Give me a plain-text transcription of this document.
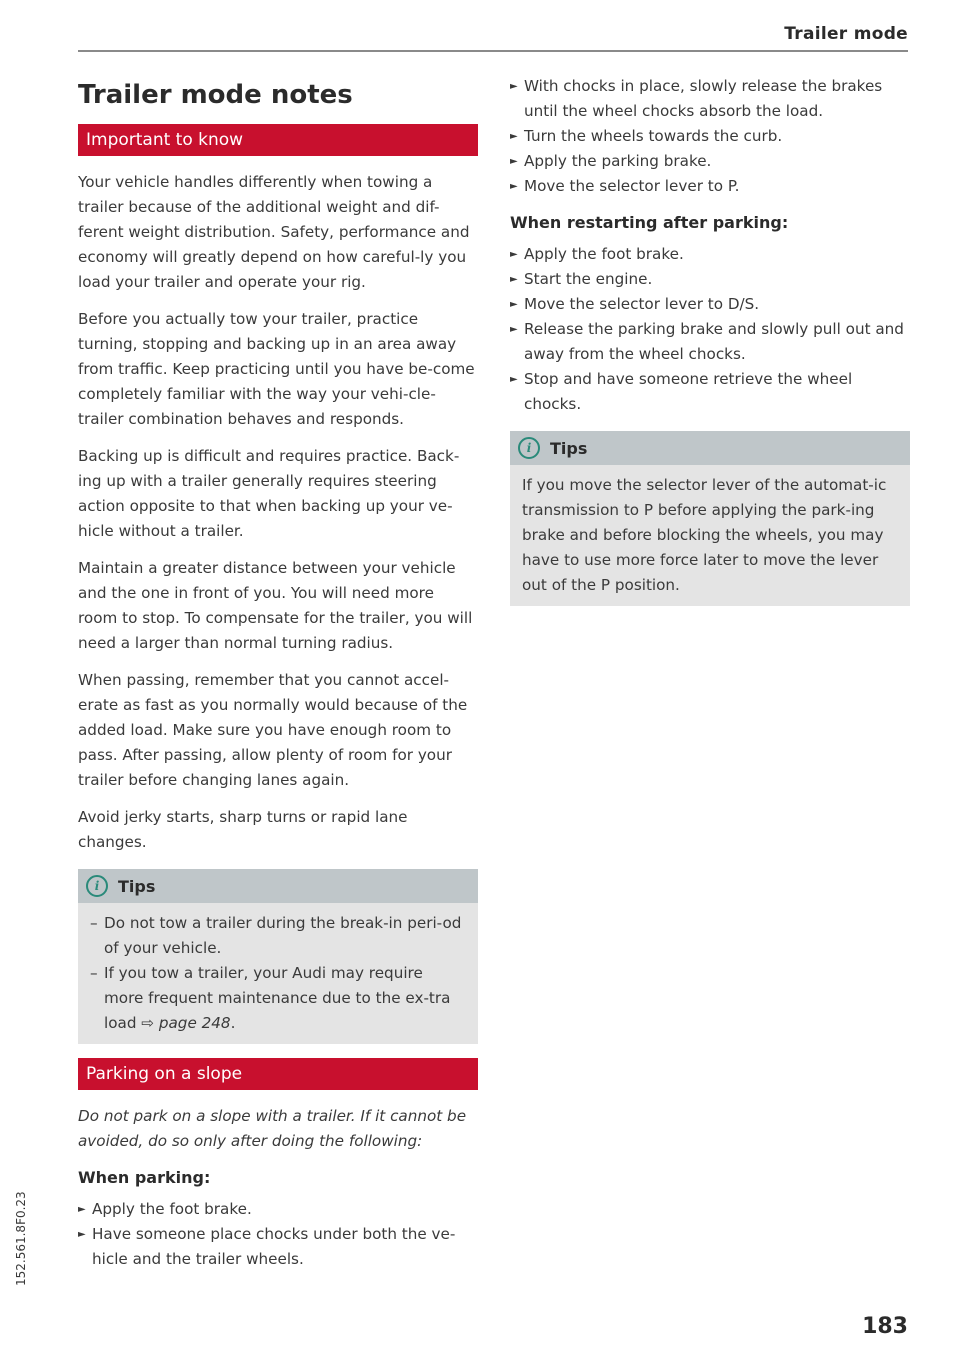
Trailer mode
Trailer mode notes
Important to know

Your vehicle handles differently when towing a trailer because of the additional weight and dif-ferent weight distribution. Safety, performance and economy will greatly depend on how careful-ly you load your trailer and operate your rig.

Before you actually tow your trailer, practice turning, stopping and backing up in an area away from traffic. Keep practicing until you have be-come completely familiar with the way your vehi-cle-trailer combination behaves and responds.

Backing up is difficult and requires practice. Back-ing up with a trailer generally requires steering action opposite to that when backing up your ve-hicle without a trailer.

Maintain a greater distance between your vehicle and the one in front of you. You will need more room to stop. To compensate for the trailer, you will need a larger than normal turning radius.

When passing, remember that you cannot accel-erate as fast as you normally would because of the added load. Make sure you have enough room to pass. After passing, allow plenty of room for your trailer before changing lanes again.

Avoid jerky starts, sharp turns or rapid lane changes.

i	Tips
– Do not tow a trailer during the break-in peri-od of your vehicle.
– If you tow a trailer, your Audi may require more frequent maintenance due to the ex-tra load ⇨ page 248.
Parking on a slope

Do not park on a slope with a trailer. If it cannot be avoided, do so only after doing the following:

When parking:
► Apply the foot brake.
► Have someone place chocks under both the ve-hicle and the trailer wheels.
► With chocks in place, slowly release the brakes until the wheel chocks absorb the load.
► Turn the wheels towards the curb.
► Apply the parking brake.
► Move the selector lever to P.
When restarting after parking:
► Apply the foot brake.
► Start the engine.
► Move the selector lever to D/S.
► Release the parking brake and slowly pull out and away from the wheel chocks.
► Stop and have someone retrieve the wheel chocks.
i	Tips

If you move the selector lever of the automat-ic transmission to P before applying the park-ing brake and before blocking the wheels, you may have to use more force later to move the lever out of the P position.

152.561.8F0.23
183
